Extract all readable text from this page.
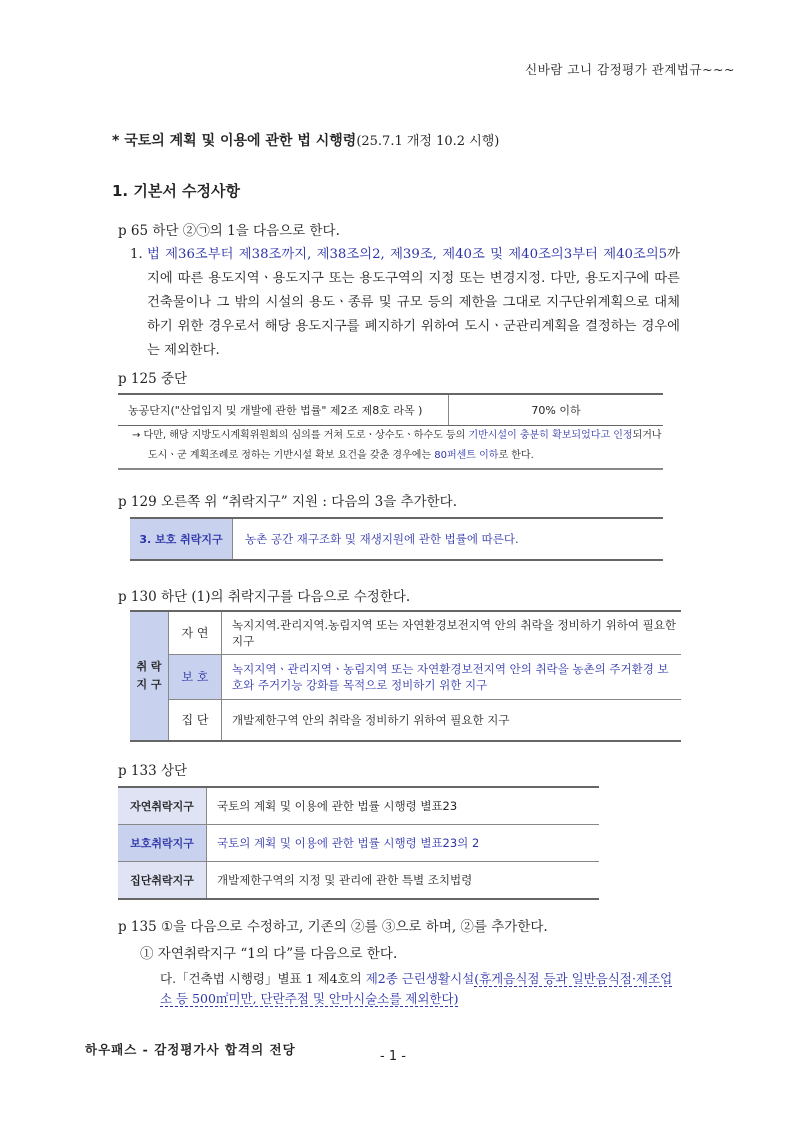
신바람 고니 감정평가 관계법규~~~
* 국토의 계획 및 이용에 관한 법 시행령(25.7.1 개정 10.2 시행)
1. 기본서 수정사항
p 65 하단 ②㉠의 1을 다음으로 한다.
1. 법 제36조부터 제38조까지, 제38조의2, 제39조, 제40조 및 제40조의3부터 제40조의5까지에 따른 용도지역ㆍ용도지구 또는 용도구역의 지정 또는 변경지정. 다만, 용도지구에 따른 건축물이나 그 밖의 시설의 용도ㆍ종류 및 규모 등의 제한을 그대로 지구단위계획으로 대체하기 위한 경우로서 해당 용도지구를 폐지하기 위하여 도시ㆍ군관리계획을 결정하는 경우에는 제외한다.
p 125 중단
농공단지("산업입지 및 개발에 관한 법률" 제2조 제8호 라목 )	70% 이하
→ 다만, 해당 지방도시계획위원회의 심의를 거쳐 도로ㆍ상수도ㆍ하수도 등의 기반시설이 충분히 확보되었다고 인정되거나
도시ㆍ군 계획조례로 정하는 기반시설 확보 요건을 갖춘 경우에는 80퍼센트 이하로 한다.
p 129 오른쪽 위 “취락지구” 지원 : 다음의 3을 추가한다.
3. 보호 취락지구	농촌 공간 재구조화 및 재생지원에 관한 법률에 따른다.
p 130 하단 (1)의 취락지구를 다음으로 수정한다.
취 락 지 구	자 연	녹지지역.관리지역.농림지역 또는 자연환경보전지역 안의 취락을 정비하기 위하여 필요한 지구
	보 호	녹지지역ㆍ관리지역ㆍ농림지역 또는 자연환경보전지역 안의 취락을 농촌의 주거환경 보호와 주거기능 강화를 목적으로 정비하기 위한 지구
	집 단	개발제한구역 안의 취락을 정비하기 위하여 필요한 지구
p 133 상단
자연취락지구	국토의 계획 및 이용에 관한 법률 시행령 별표23
보호취락지구	국토의 계획 및 이용에 관한 법률 시행령 별표23의 2
집단취락지구	개발제한구역의 지정 및 관리에 관한 특별 조치법령
p 135 ①을 다음으로 수정하고, 기존의 ②를 ③으로 하며, ②를 추가한다.
① 자연취락지구 “1의 다”를 다음으로 한다.
다.「건축법 시행령」별표 1 제4호의 제2종 근린생활시설(휴게음식점 등과 일반음식점·제조업소 등 500㎡미만, 단란주점 및 안마시술소를 제외한다)
하우패스 - 감정평가사 합격의 전당	- 1 -
